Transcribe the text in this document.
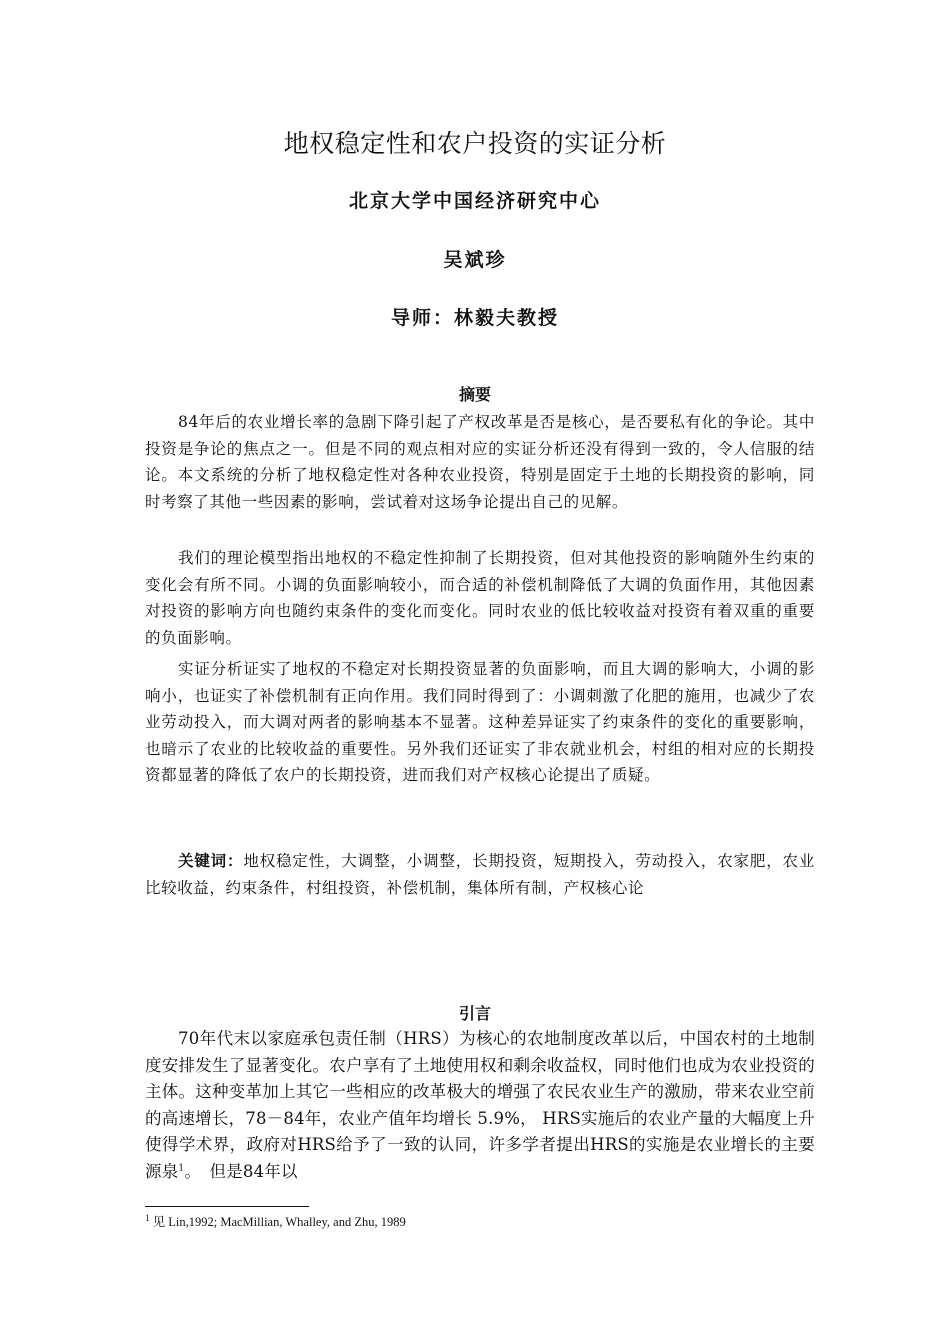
地权稳定性和农户投资的实证分析
北京大学中国经济研究中心
吴斌珍
导师：林毅夫教授
摘要

84年后的农业增长率的急剧下降引起了产权改革是否是核心，是否要私有化的争论。其中投资是争论的焦点之一。但是不同的观点相对应的实证分析还没有得到一致的，令人信服的结论。本文系统的分析了地权稳定性对各种农业投资，特别是固定于土地的长期投资的影响，同时考察了其他一些因素的影响，尝试着对这场争论提出自己的见解。

我们的理论模型指出地权的不稳定性抑制了长期投资，但对其他投资的影响随外生约束的变化会有所不同。小调的负面影响较小，而合适的补偿机制降低了大调的负面作用，其他因素对投资的影响方向也随约束条件的变化而变化。同时农业的低比较收益对投资有着双重的重要的负面影响。

实证分析证实了地权的不稳定对长期投资显著的负面影响，而且大调的影响大，小调的影响小，也证实了补偿机制有正向作用。我们同时得到了：小调刺激了化肥的施用，也减少了农业劳动投入，而大调对两者的影响基本不显著。这种差异证实了约束条件的变化的重要影响，也暗示了农业的比较收益的重要性。另外我们还证实了非农就业机会，村组的相对应的长期投资都显著的降低了农户的长期投资，进而我们对产权核心论提出了质疑。

关键词：地权稳定性，大调整，小调整，长期投资，短期投入，劳动投入，农家肥，农业比较收益，约束条件，村组投资，补偿机制，集体所有制，产权核心论

引言

70年代末以家庭承包责任制（HRS）为核心的农地制度改革以后，中国农村的土地制度安排发生了显著变化。农户享有了土地使用权和剩余收益权，同时他们也成为农业投资的主体。这种变革加上其它一些相应的改革极大的增强了农民农业生产的激励，带来农业空前的高速增长，78－84年，农业产值年均增长 5.9%， HRS实施后的农业产量的大幅度上升使得学术界，政府对HRS给予了一致的认同，许多学者提出HRS的实施是农业增长的主要源泉$^1$。　但是84年以

$^1$ 见 Lin,1992; MacMillian, Whalley, and Zhu, 1989
